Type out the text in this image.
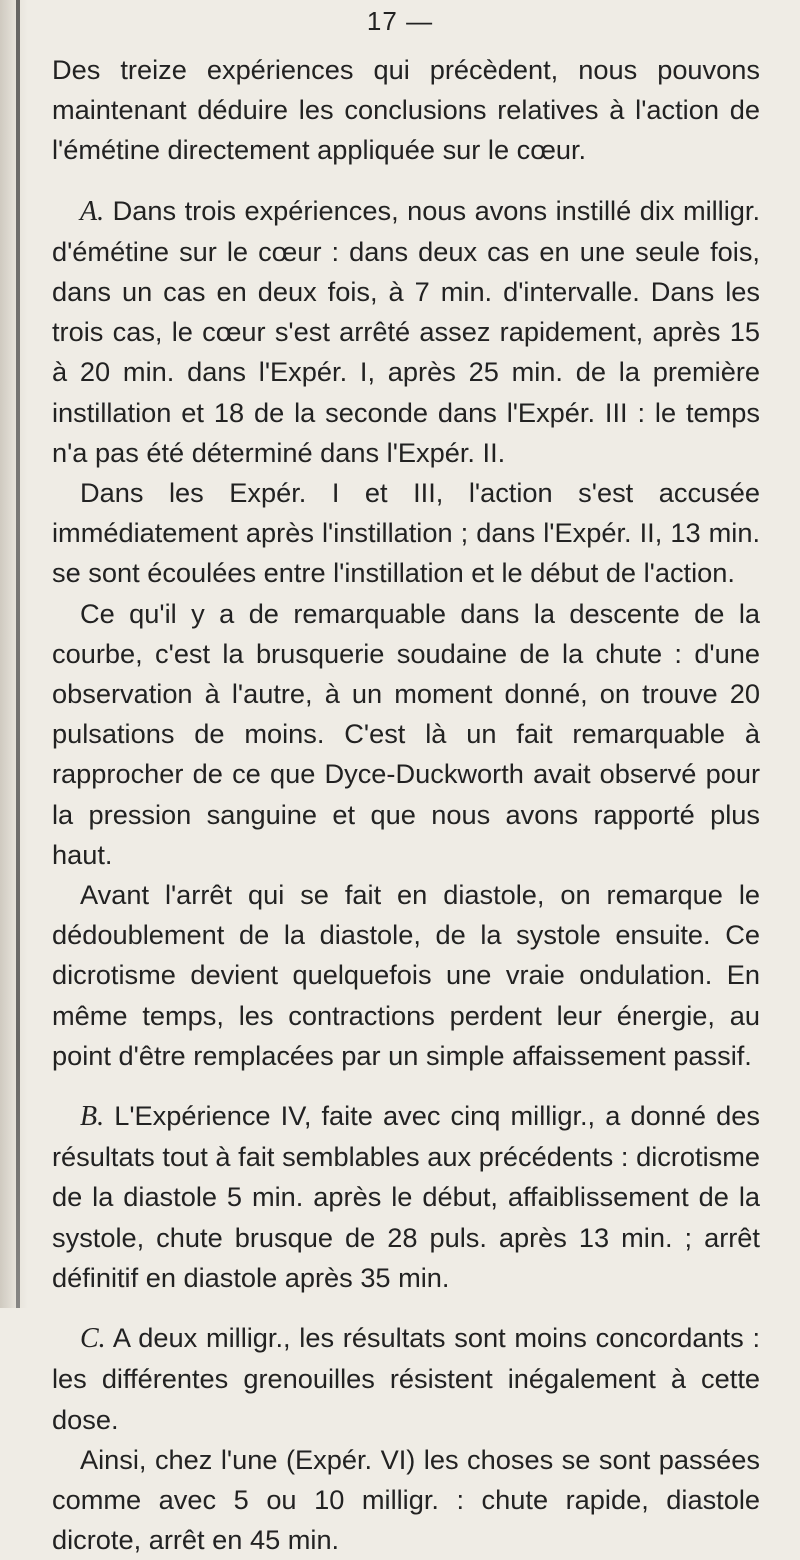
17 —

Des treize expériences qui précèdent, nous pouvons maintenant déduire les conclusions relatives à l'action de l'émétine directement appliquée sur le cœur.

A. Dans trois expériences, nous avons instillé dix milligr. d'émétine sur le cœur : dans deux cas en une seule fois, dans un cas en deux fois, à 7 min. d'intervalle. Dans les trois cas, le cœur s'est arrêté assez rapidement, après 15 à 20 min. dans l'Expér. I, après 25 min. de la première instillation et 18 de la seconde dans l'Expér. III : le temps n'a pas été déterminé dans l'Expér. II.

Dans les Expér. I et III, l'action s'est accusée immédiatement après l'instillation ; dans l'Expér. II, 13 min. se sont écoulées entre l'instillation et le début de l'action.

Ce qu'il y a de remarquable dans la descente de la courbe, c'est la brusquerie soudaine de la chute : d'une observation à l'autre, à un moment donné, on trouve 20 pulsations de moins. C'est là un fait remarquable à rapprocher de ce que Dyce-Duckworth avait observé pour la pression sanguine et que nous avons rapporté plus haut.

Avant l'arrêt qui se fait en diastole, on remarque le dédoublement de la diastole, de la systole ensuite. Ce dicrotisme devient quelquefois une vraie ondulation. En même temps, les contractions perdent leur énergie, au point d'être remplacées par un simple affaissement passif.

B. L'Expérience IV, faite avec cinq milligr., a donné des résultats tout à fait semblables aux précédents : dicrotisme de la diastole 5 min. après le début, affaiblissement de la systole, chute brusque de 28 puls. après 13 min. ; arrêt définitif en diastole après 35 min.

C. A deux milligr., les résultats sont moins concordants : les différentes grenouilles résistent inégalement à cette dose.

Ainsi, chez l'une (Expér. VI) les choses se sont passées comme avec 5 ou 10 milligr. : chute rapide, diastole dicrote, arrêt en 45 min.
